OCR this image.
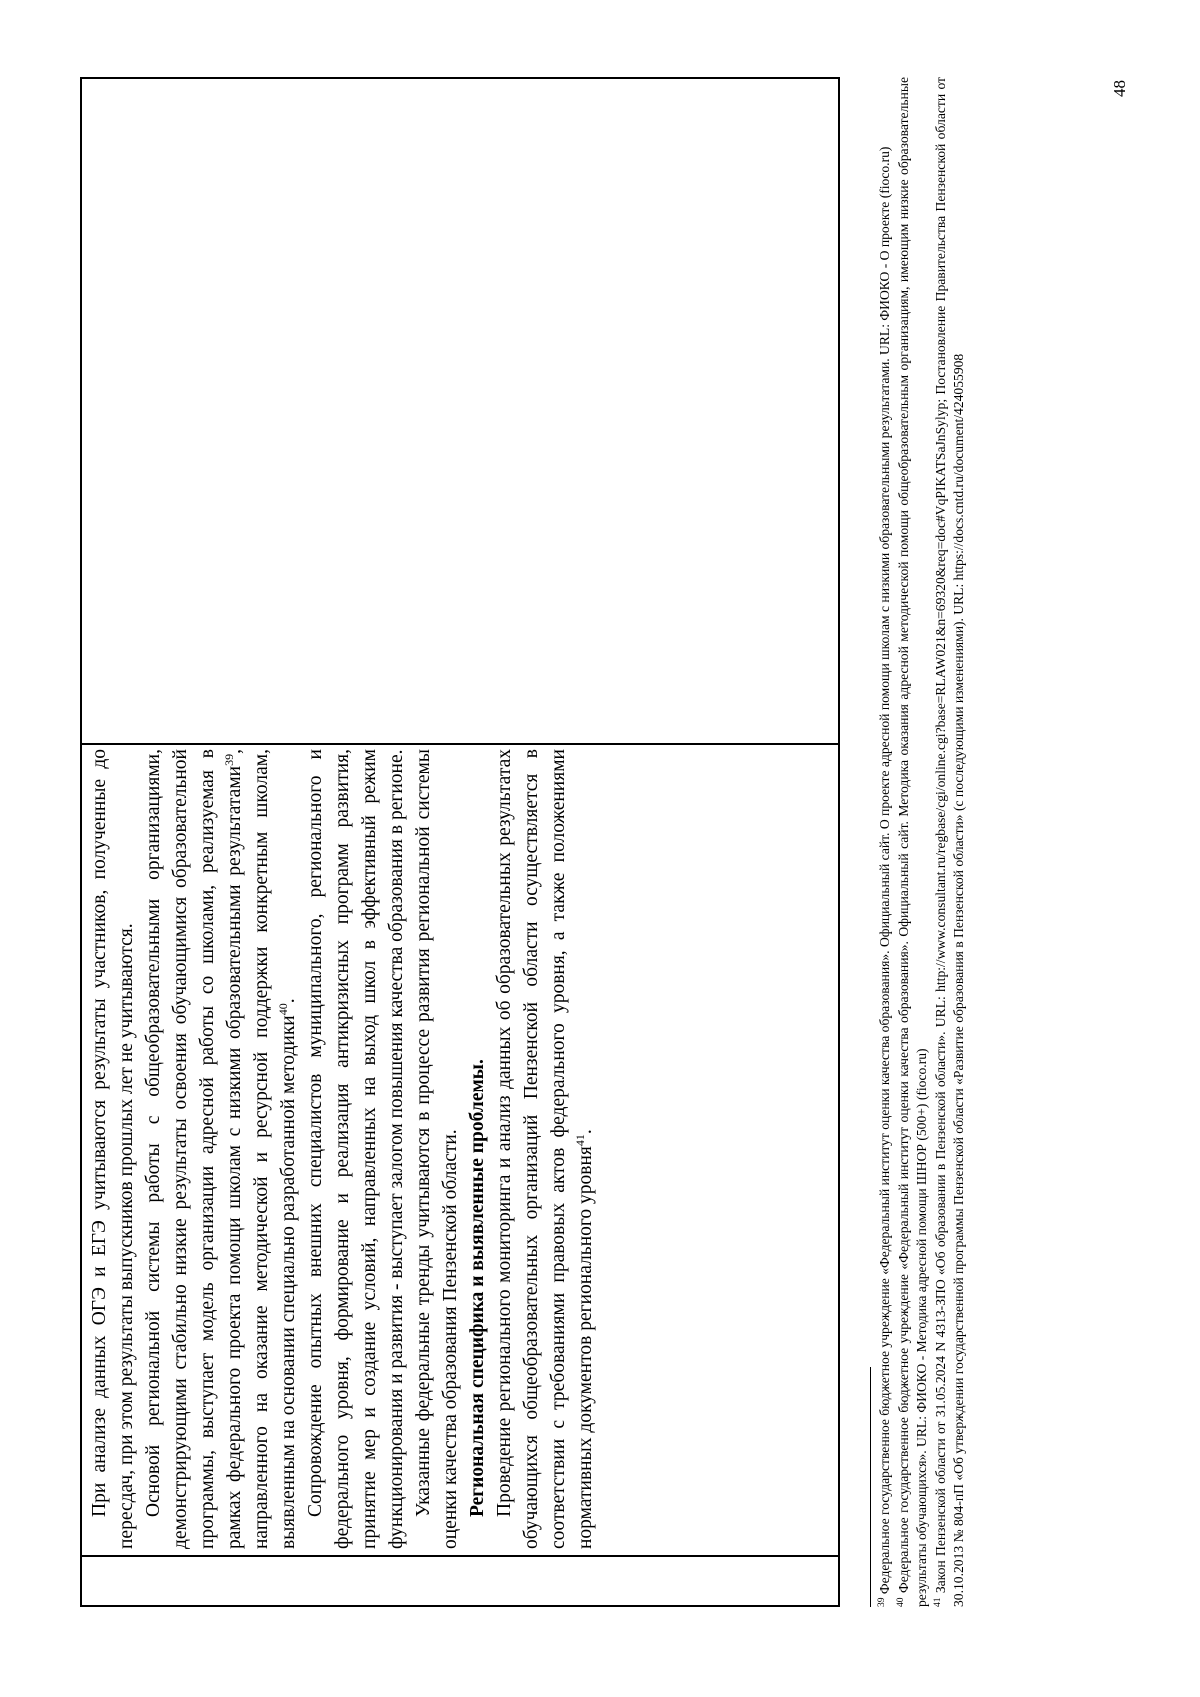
При анализе данных ОГЭ и ЕГЭ учитываются результаты участников, полученные до пересдач, при этом результаты выпускников прошлых лет не учитываются. Основой региональной системы работы с общеобразовательными организациями, демонстрирующими стабильно низкие результаты освоения обучающимися образовательной программы, выступает модель организации адресной работы со школами, реализуемая в рамках федерального проекта помощи школам с низкими образовательными результатами$^{39}$, направленного на оказание методической и ресурсной поддержки конкретным школам, выявленным на основании специально разработанной методики$^{40}$. Сопровождение опытных внешних специалистов муниципального, регионального и федерального уровня, формирование и реализация антикризисных программ развития, принятие мер и создание условий, направленных на выход школ в эффективный режим функционирования и развития - выступает залогом повышения качества образования в регионе. Указанные федеральные тренды учитываются в процессе развития региональной системы оценки качества образования Пензенской области. Региональная специфика и выявленные проблемы. Проведение регионального мониторинга и анализ данных об образовательных результатах обучающихся общеобразовательных организаций Пензенской области осуществляется в соответствии с требованиями правовых актов федерального уровня, а также положениями нормативных документов регионального уровня$^{41}$.

$^{39}$ Федеральное государственное бюджетное учреждение «Федеральный институт оценки качества образования». Официальный сайт. О проекте адресной помощи школам с низкими образовательными результатами. URL: ФИОКО - О проекте (fioco.ru)

$^{40}$ Федеральное государственное бюджетное учреждение «Федеральный институт оценки качества образования». Официальный сайт. Методика оказания адресной методической помощи общеобразовательным организациям, имеющим низкие образовательные результаты обучающихся». URL: ФИОКО - Методика адресной помощи ШНОР (500+) (fioco.ru) $^{41}$ Закон Пензенской области от 31.05.2024 N 4313-ЗПО «Об образовании в Пензенской области». URL: http://www.consultant.ru/regbase/cgi/online.cgi?base=RLAW021&n=69320&req=doc#VqPIKATSaJnSylyp; Постановление Правительства Пензенской области от 30.10.2013 № 804-пП «Об утверждении государственной программы Пензенской области «Развитие образования в Пензенской области» (с последующими изменениями). URL: https://docs.cntd.ru/document/424055908

48
